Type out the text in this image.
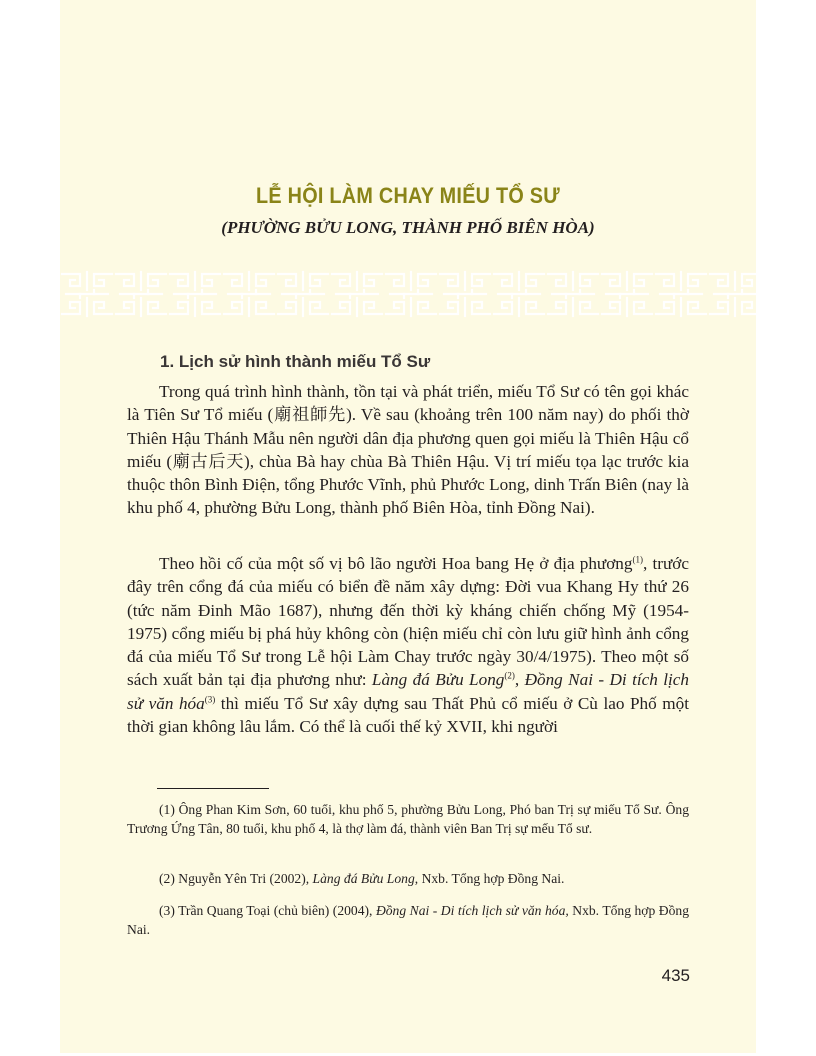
LỄ HỘI LÀM CHAY MIẾU TỔ SƯ
(PHƯỜNG BỬU LONG, THÀNH PHỐ BIÊN HÒA)
1. Lịch sử hình thành miếu Tổ Sư

Trong quá trình hình thành, tồn tại và phát triển, miếu Tổ Sư có tên gọi khác là Tiên Sư Tổ miếu (廟祖師先). Về sau (khoảng trên 100 năm nay) do phối thờ Thiên Hậu Thánh Mẫu nên người dân địa phương quen gọi miếu là Thiên Hậu cổ miếu (廟古后天), chùa Bà hay chùa Bà Thiên Hậu. Vị trí miếu tọa lạc trước kia thuộc thôn Bình Điện, tổng Phước Vĩnh, phủ Phước Long, dinh Trấn Biên (nay là khu phố 4, phường Bửu Long, thành phố Biên Hòa, tỉnh Đồng Nai).

Theo hồi cố của một số vị bô lão người Hoa bang Hẹ ở địa phương$^{(1)}$, trước đây trên cổng đá của miếu có biển đề năm xây dựng: Đời vua Khang Hy thứ 26 (tức năm Đinh Mão 1687), nhưng đến thời kỳ kháng chiến chống Mỹ (1954-1975) cổng miếu bị phá hủy không còn (hiện miếu chỉ còn lưu giữ hình ảnh cổng đá của miếu Tổ Sư trong Lễ hội Làm Chay trước ngày 30/4/1975). Theo một số sách xuất bản tại địa phương như: Làng đá Bửu Long$^{(2)}$, Đồng Nai - Di tích lịch sử văn hóa$^{(3)}$ thì miếu Tổ Sư xây dựng sau Thất Phủ cổ miếu ở Cù lao Phố một thời gian không lâu lắm. Có thể là cuối thế kỷ XVII, khi người

(1) Ông Phan Kim Sơn, 60 tuổi, khu phố 5, phường Bửu Long, Phó ban Trị sự miếu Tổ Sư. Ông Trương Ứng Tân, 80 tuổi, khu phố 4, là thợ làm đá, thành viên Ban Trị sự mếu Tổ sư.

(2) Nguyễn Yên Tri (2002), Làng đá Bửu Long, Nxb. Tổng hợp Đồng Nai.

(3) Trần Quang Toại (chủ biên) (2004), Đồng Nai - Di tích lịch sử văn hóa, Nxb. Tổng hợp Đồng Nai.

435
